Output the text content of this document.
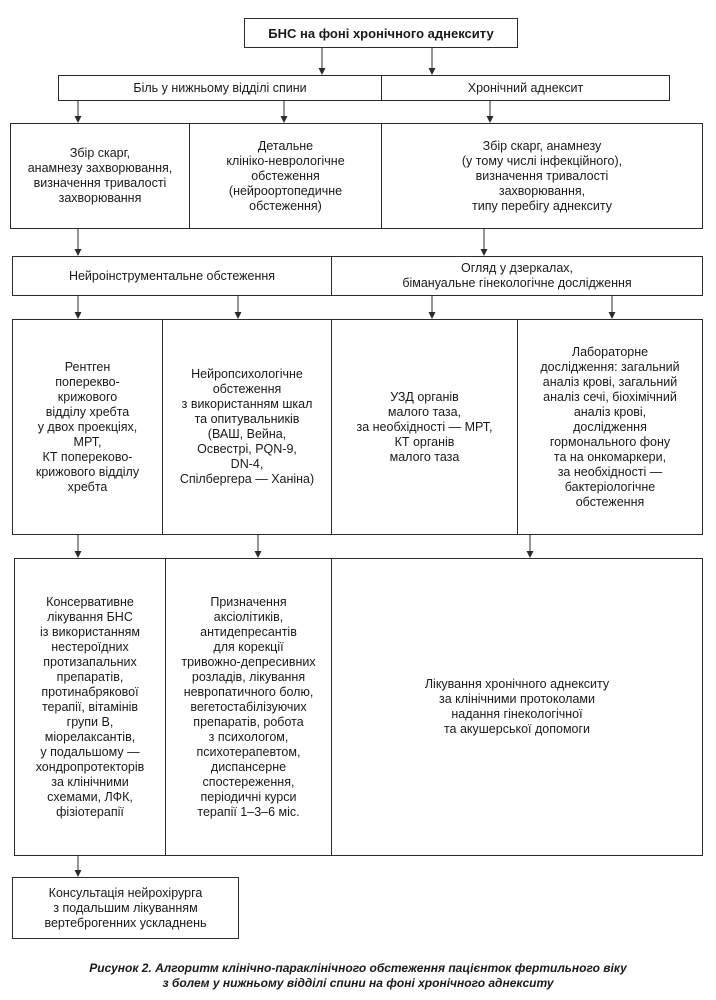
БНС на фоні хронічного аднекситу
Біль у нижньому відділі спини	Хронічний аднексит
Збір скарг,
анамнезу захворювання,
визначення тривалості
захворювання
Детальне
клініко-неврологічне
обстеження
(нейроортопедичне
обстеження)
Збір скарг, анамнезу
(у тому числі інфекційного),
визначення тривалості
захворювання,
типу перебігу аднекситу
Нейроінструментальне обстеження
Огляд у дзеркалах,
бімануальне гінекологічне дослідження
Рентген
поперекво-
крижового
відділу хребта
у двох проекціях,
МРТ,
КТ попереково-
крижового відділу
хребта
Нейропсихологічне
обстеження
з використанням шкал
та опитувальників
(ВАШ, Вейна,
Освестрі, PQN-9,
DN-4,
Спілбергера — Ханіна)
УЗД органів
малого таза,
за необхідності — МРТ,
КТ органів
малого таза
Лабораторне
дослідження: загальний
аналіз крові, загальний
аналіз сечі, біохімічний
аналіз крові,
дослідження
гормонального фону
та на онкомаркери,
за необхідності —
бактеріологічне
обстеження
Консервативне
лікування БНС
із використанням
нестероїдних
протизапальних
препаратів,
протинабрякової
терапії, вітамінів
групи В,
міорелаксантів,
у подальшому —
хондропротекторів
за клінічними
схемами, ЛФК,
фізіотерапії
Призначення
аксіолітиків,
антидепресантів
для корекції
тривожно-депресивних
розладів, лікування
невропатичного болю,
вегетостабілізуючих
препаратів, робота
з психологом,
психотерапевтом,
диспансерне
спостереження,
періодичні курси
терапії 1–3–6 міс.
Лікування хронічного аднекситу
за клінічними протоколами
надання гінекологічної
та акушерської допомоги
Консультація нейрохірурга
з подальшим лікуванням
вертеброгенних ускладнень
Рисунок 2. Алгоритм клінічно-параклінічного обстеження пацієнток фертильного віку
з болем у нижньому відділі спини на фоні хронічного аднекситу
